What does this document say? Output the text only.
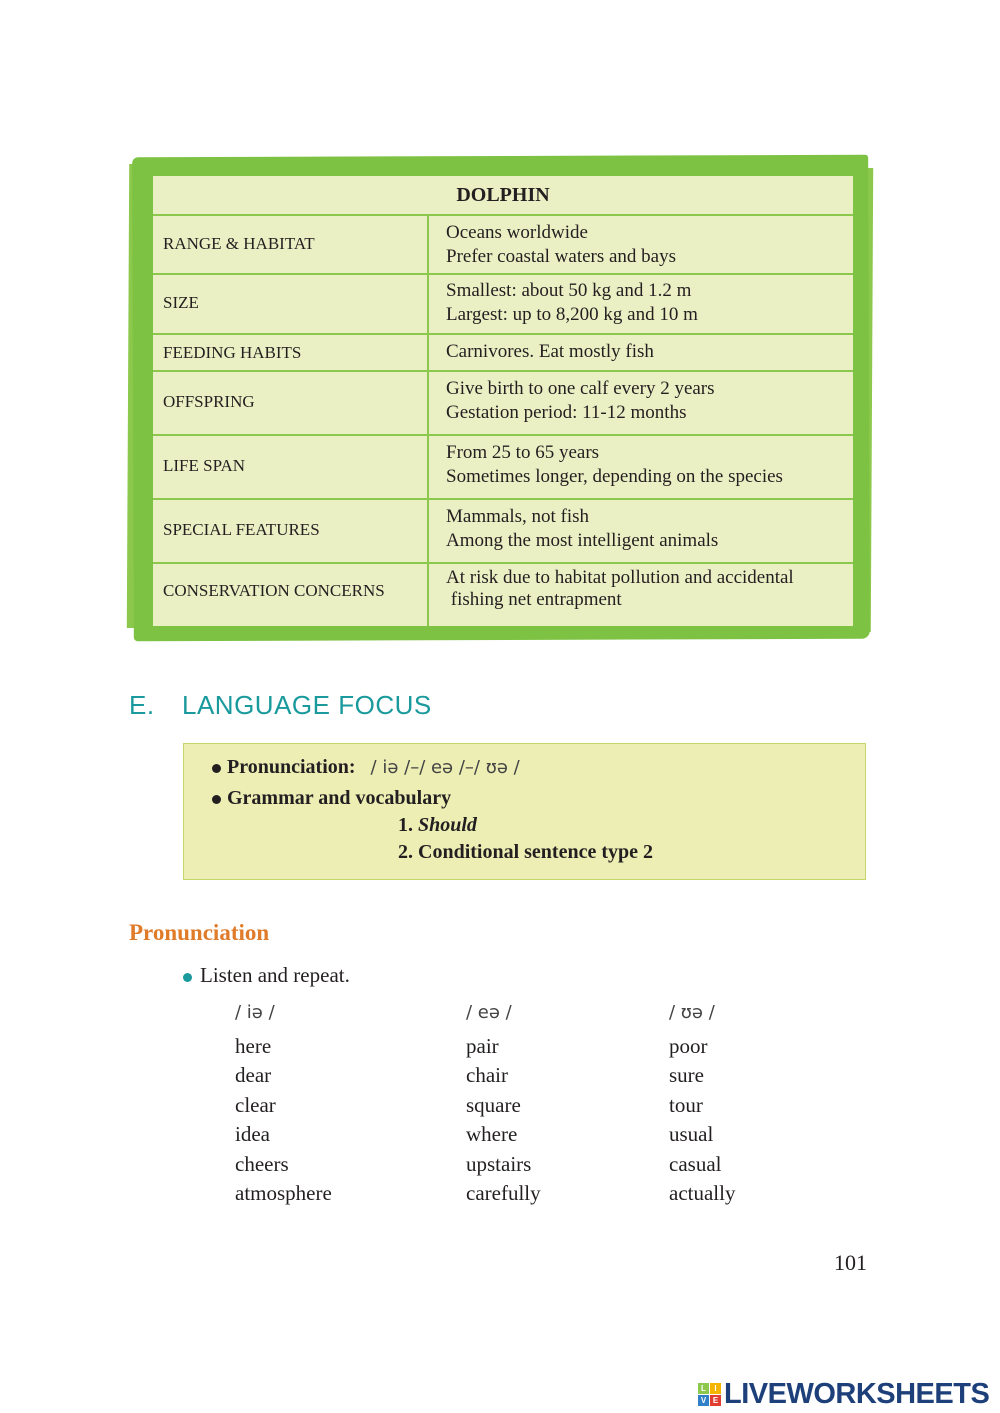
DOLPHIN
RANGE & HABITAT
Oceans worldwide
Prefer coastal waters and bays
SIZE
Smallest: about 50 kg and 1.2 m
Largest: up to 8,200 kg and 10 m
FEEDING HABITS	Carnivores. Eat mostly fish
OFFSPRING
Give birth to one calf every 2 years
Gestation period: 11-12 months
LIFE SPAN
From 25 to 65 years
Sometimes longer, depending on the species
SPECIAL FEATURES
Mammals, not fish
Among the most intelligent animals
CONSERVATION CONCERNS
At risk due to habitat pollution and accidental
fishing net entrapment
E. LANGUAGE FOCUS
Pronunciation: / iə /–/ eə /–/ ʊə /
Grammar and vocabulary
1. Should
2. Conditional sentence type 2
Pronunciation
Listen and repeat.
/ iə /
here
dear
clear
idea
cheers
atmosphere
/ eə /
pair
chair
square
where
upstairs
carefully
/ ʊə /
poor
sure
tour
usual
casual
actually
101
L	I
V E LIVEWORKSHEETS
